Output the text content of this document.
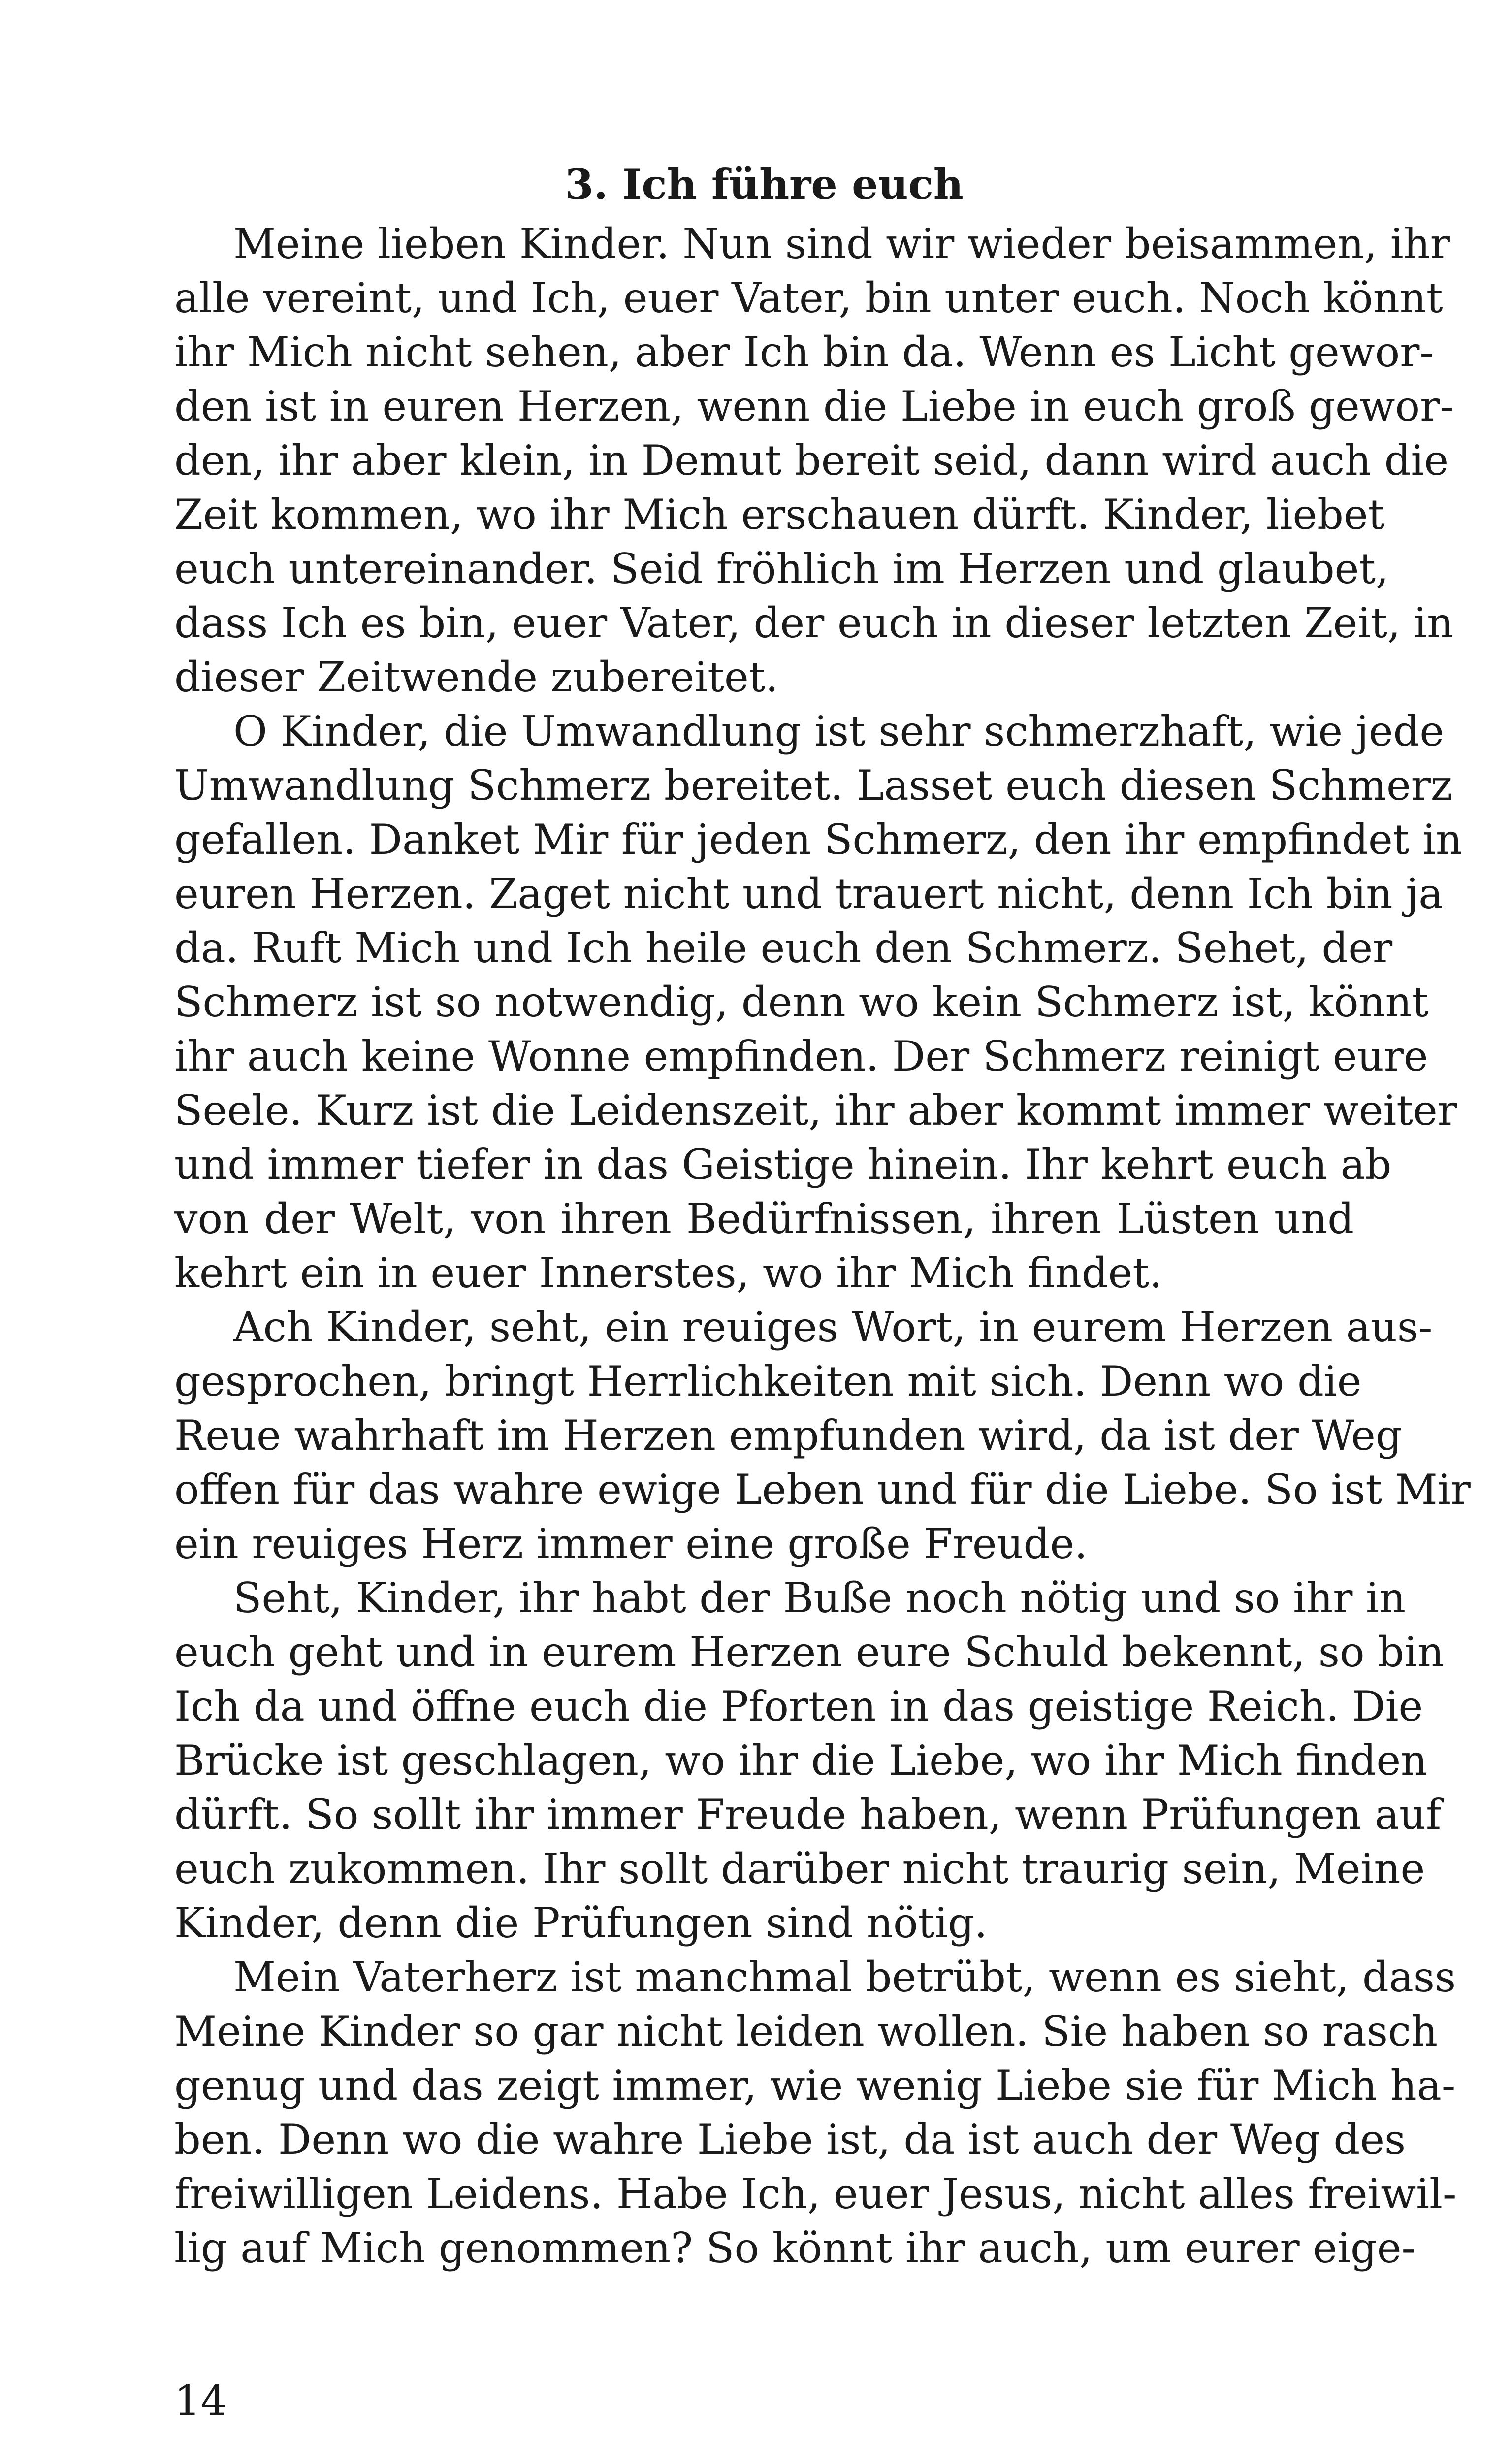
3. Ich führe euch

Meine lieben Kinder. Nun sind wir wieder beisammen, ihr
alle vereint, und Ich, euer Vater, bin unter euch. Noch könnt
ihr Mich nicht sehen, aber Ich bin da. Wenn es Licht gewor-
den ist in euren Herzen, wenn die Liebe in euch groß gewor-
den, ihr aber klein, in Demut bereit seid, dann wird auch die
Zeit kommen, wo ihr Mich erschauen dürft. Kinder, liebet
euch untereinander. Seid fröhlich im Herzen und glaubet,
dass Ich es bin, euer Vater, der euch in dieser letzten Zeit, in
dieser Zeitwende zubereitet.

O Kinder, die Umwandlung ist sehr schmerzhaft, wie jede
Umwandlung Schmerz bereitet. Lasset euch diesen Schmerz
gefallen. Danket Mir für jeden Schmerz, den ihr empfindet in
euren Herzen. Zaget nicht und trauert nicht, denn Ich bin ja
da. Ruft Mich und Ich heile euch den Schmerz. Sehet, der
Schmerz ist so notwendig, denn wo kein Schmerz ist, könnt
ihr auch keine Wonne empfinden. Der Schmerz reinigt eure
Seele. Kurz ist die Leidenszeit, ihr aber kommt immer weiter
und immer tiefer in das Geistige hinein. Ihr kehrt euch ab
von der Welt, von ihren Bedürfnissen, ihren Lüsten und
kehrt ein in euer Innerstes, wo ihr Mich findet.

Ach Kinder, seht, ein reuiges Wort, in eurem Herzen aus-
gesprochen, bringt Herrlichkeiten mit sich. Denn wo die
Reue wahrhaft im Herzen empfunden wird, da ist der Weg
offen für das wahre ewige Leben und für die Liebe. So ist Mir
ein reuiges Herz immer eine große Freude.

Seht, Kinder, ihr habt der Buße noch nötig und so ihr in
euch geht und in eurem Herzen eure Schuld bekennt, so bin
Ich da und öffne euch die Pforten in das geistige Reich. Die
Brücke ist geschlagen, wo ihr die Liebe, wo ihr Mich finden
dürft. So sollt ihr immer Freude haben, wenn Prüfungen auf
euch zukommen. Ihr sollt darüber nicht traurig sein, Meine
Kinder, denn die Prüfungen sind nötig.

Mein Vaterherz ist manchmal betrübt, wenn es sieht, dass
Meine Kinder so gar nicht leiden wollen. Sie haben so rasch
genug und das zeigt immer, wie wenig Liebe sie für Mich ha-
ben. Denn wo die wahre Liebe ist, da ist auch der Weg des
freiwilligen Leidens. Habe Ich, euer Jesus, nicht alles freiwil-
lig auf Mich genommen? So könnt ihr auch, um eurer eige-

14
